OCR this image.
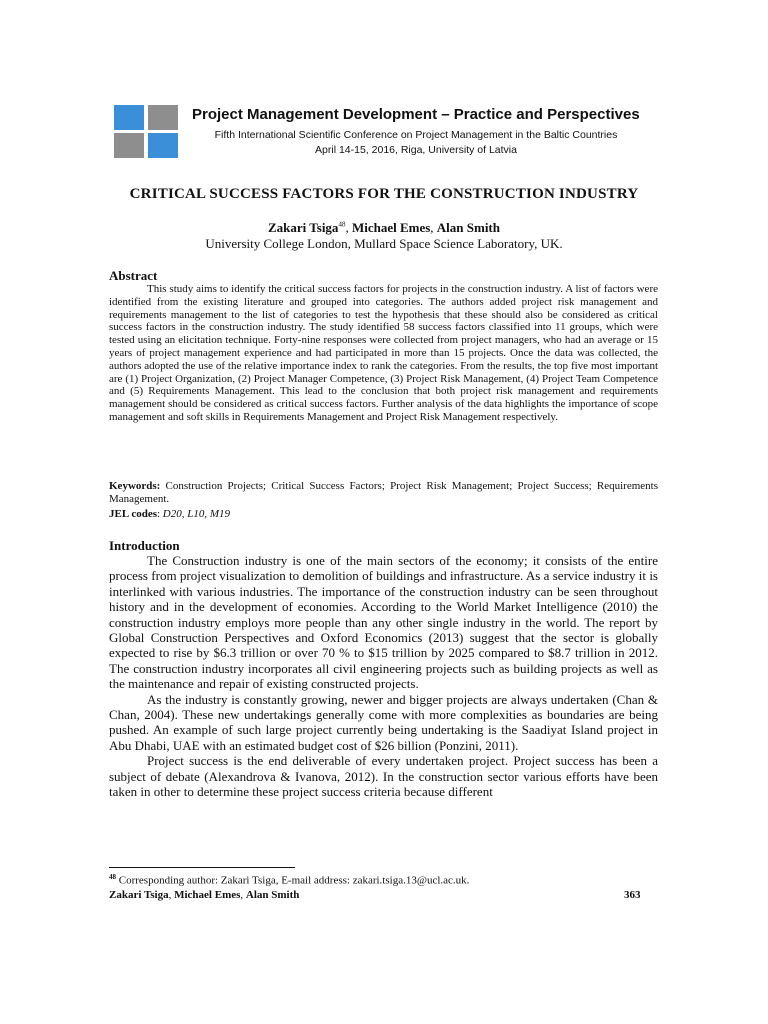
Project Management Development – Practice and Perspectives
Fifth International Scientific Conference on Project Management in the Baltic Countries
April 14-15, 2016, Riga, University of Latvia
CRITICAL SUCCESS FACTORS FOR THE CONSTRUCTION INDUSTRY
Zakari Tsiga$^{48}$, Michael Emes, Alan Smith
University College London, Mullard Space Science Laboratory, UK.
Abstract

This study aims to identify the critical success factors for projects in the construction industry. A list of factors were identified from the existing literature and grouped into categories. The authors added project risk management and requirements management to the list of categories to test the hypothesis that these should also be considered as critical success factors in the construction industry. The study identified 58 success factors classified into 11 groups, which were tested using an elicitation technique. Forty-nine responses were collected from project managers, who had an average or 15 years of project management experience and had participated in more than 15 projects. Once the data was collected, the authors adopted the use of the relative importance index to rank the categories. From the results, the top five most important are (1) Project Organization, (2) Project Manager Competence, (3) Project Risk Management, (4) Project Team Competence and (5) Requirements Management. This lead to the conclusion that both project risk management and requirements management should be considered as critical success factors. Further analysis of the data highlights the importance of scope management and soft skills in Requirements Management and Project Risk Management respectively.

Keywords: Construction Projects; Critical Success Factors; Project Risk Management; Project Success; Requirements Management.

JEL codes: D20, L10, M19
Introduction

The Construction industry is one of the main sectors of the economy; it consists of the entire process from project visualization to demolition of buildings and infrastructure. As a service industry it is interlinked with various industries. The importance of the construction industry can be seen throughout history and in the development of economies. According to the World Market Intelligence (2010) the construction industry employs more people than any other single industry in the world. The report by Global Construction Perspectives and Oxford Economics (2013) suggest that the sector is globally expected to rise by $6.3 trillion or over 70 % to $15 trillion by 2025 compared to $8.7 trillion in 2012. The construction industry incorporates all civil engineering projects such as building projects as well as the maintenance and repair of existing constructed projects.

As the industry is constantly growing, newer and bigger projects are always undertaken (Chan & Chan, 2004). These new undertakings generally come with more complexities as boundaries are being pushed. An example of such large project currently being undertaking is the Saadiyat Island project in Abu Dhabi, UAE with an estimated budget cost of $26 billion (Ponzini, 2011).

Project success is the end deliverable of every undertaken project. Project success has been a subject of debate (Alexandrova & Ivanova, 2012). In the construction sector various efforts have been taken in other to determine these project success criteria because different

$^{48}$ Corresponding author: Zakari Tsiga, E-mail address: zakari.tsiga.13@ucl.ac.uk.
Zakari Tsiga, Michael Emes, Alan Smith	363
